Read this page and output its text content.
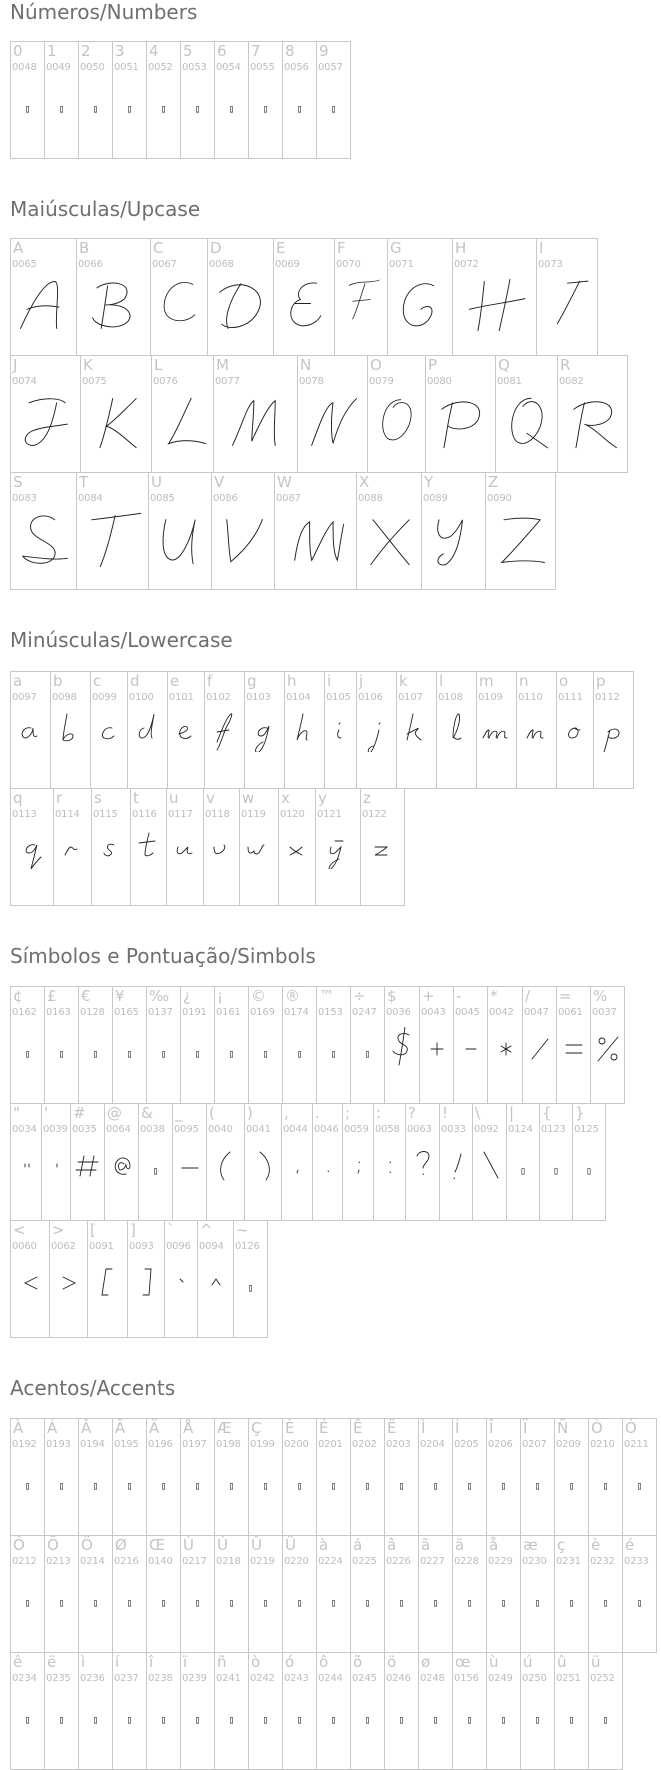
Números/Numbers
0
0048
▯
1
0049
▯
2
0050
▯
3
0051
▯
4
0052
▯
5
0053
▯
6
0054
▯
7
0055
▯
8
0056
▯
9
0057
▯
Maiúsculas/Upcase
A
0065
B
0066
C
0067
D
0068
E
0069
F
0070
G
0071
H
0072
I
0073
J
0074
K
0075
L
0076
M
0077
N
0078
O
0079
P
0080
Q
0081
R
0082
S
0083
T
0084
U
0085
V
0086
W
0087
X
0088
Y
0089
Z
0090
Minúsculas/Lowercase
a
0097
b
0098
c
0099
d
0100
e
0101
f
0102
g
0103
h
0104
i
0105
j
0106
k
0107
l
0108
m
0109
n
0110
o
0111
p
0112
q
0113
r
0114
s
0115
t
0116
u
0117
v
0118
w
0119
x
0120
y
0121
z
0122
Símbolos e Pontuação/Simbols
¢
0162
▯
£
0163
▯
€
0128
▯
¥
0165
▯
‰
0137
▯
¿
0191
▯
¡
0161
▯
©
0169
▯
®
0174
▯
™
0153
▯
÷
0247
▯
$
0036
+
0043
-
0045
*
0042
/
0047
=
0061
%
0037
"
0034
'
0039
#
0035
@
0064
&
0038
▯
_
0095
(
0040
)
0041
,
0044
.
0046
;
0059
:
0058
?
0063
!
0033
\
0092
|
0124
▯
{
0123
▯
}
0125
▯
<
0060
>
0062
[
0091
]
0093
`
0096
^
0094
~
0126
▯
Acentos/Accents
À
0192
▯
Á
0193
▯
Â
0194
▯
Ã
0195
▯
Ä
0196
▯
Å
0197
▯
Æ
0198
▯
Ç
0199
▯
È
0200
▯
É
0201
▯
Ê
0202
▯
Ë
0203
▯
Ì
0204
▯
Í
0205
▯
Î
0206
▯
Ï
0207
▯
Ñ
0209
▯
Ò
0210
▯
Ó
0211
▯
Ô
0212
▯
Õ
0213
▯
Ö
0214
▯
Ø
0216
▯
Œ
0140
▯
Ù
0217
▯
Ú
0218
▯
Û
0219
▯
Ü
0220
▯
à
0224
▯
á
0225
▯
â
0226
▯
ã
0227
▯
ä
0228
▯
å
0229
▯
æ
0230
▯
ç
0231
▯
è
0232
▯
é
0233
▯
ê
0234
▯
ë
0235
▯
ì
0236
▯
í
0237
▯
î
0238
▯
ï
0239
▯
ñ
0241
▯
ò
0242
▯
ó
0243
▯
ô
0244
▯
õ
0245
▯
ö
0246
▯
ø
0248
▯
œ
0156
▯
ù
0249
▯
ú
0250
▯
û
0251
▯
ü
0252
▯
